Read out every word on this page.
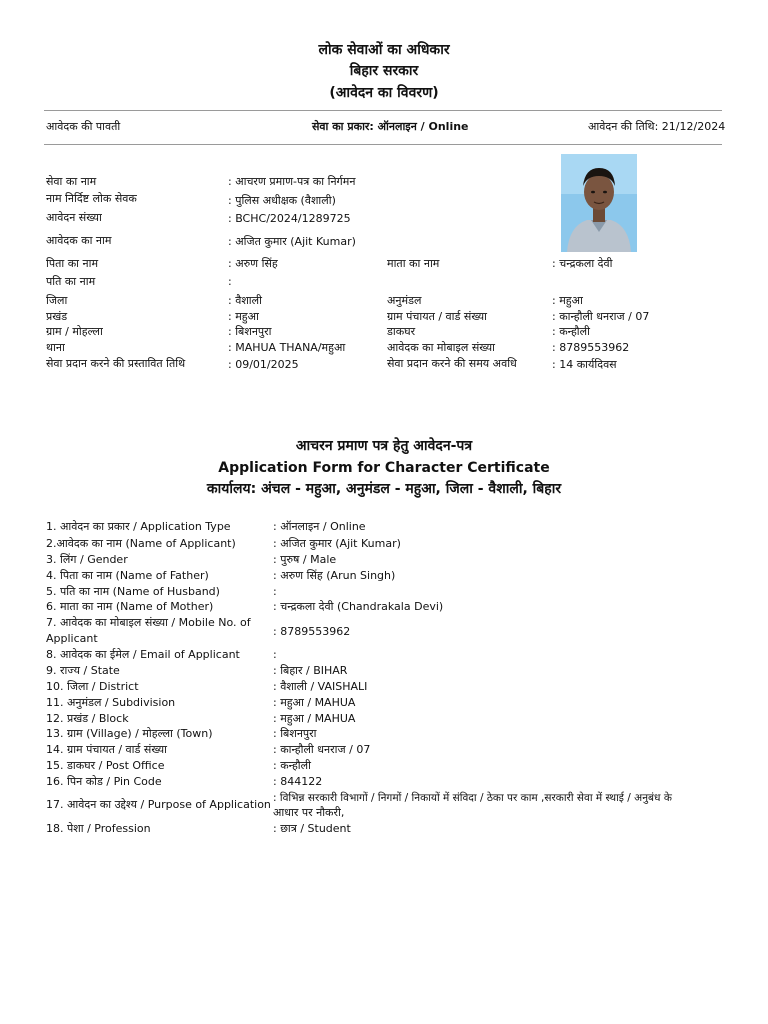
लोक सेवाओं का अधिकार
बिहार सरकार
(आवेदन का विवरण)
आवेदक की पावती	सेवा का प्रकार: ऑनलाइन / Online	आवेदन की तिथि: 21/12/2024
सेवा का नाम	: आचरण प्रमाण-पत्र का निर्गमन
नाम निर्दिष्ट लोक सेवक	: पुलिस अधीक्षक (वैशाली)
आवेदन संख्या	: BCHC/2024/1289725
आवेदक का नाम	: अजित कुमार (Ajit Kumar)
पिता का नाम	: अरुण सिंह
पति का नाम	:
जिला	: वैशाली
प्रखंड	: महुआ
ग्राम / मोहल्ला	: बिशनपुरा
थाना	: MAHUA THANA/महुआ
सेवा प्रदान करने की प्रस्तावित तिथि	: 09/01/2025
माता का नाम	: चन्द्रकला देवी
अनुमंडल	: महुआ
ग्राम पंचायत / वार्ड संख्या	: कान्हौली धनराज / 07
डाकघर	: कन्हौली
आवेदक का मोबाइल संख्या	: 8789553962
सेवा प्रदान करने की समय अवधि	: 14 कार्यदिवस
आचरन प्रमाण पत्र हेतु आवेदन-पत्र
Application Form for Character Certificate
कार्यालय: अंचल - महुआ, अनुमंडल - महुआ, जिला - वैशाली, बिहार
1. आवेदन का प्रकार / Application Type	: ऑनलाइन / Online
2.आवेदक का नाम (Name of Applicant)	: अजित कुमार (Ajit Kumar)
3. लिंग / Gender	: पुरुष / Male
4. पिता का नाम (Name of Father)	: अरुण सिंह (Arun Singh)
5. पति का नाम (Name of Husband)	:
6. माता का नाम (Name of Mother)	: चन्द्रकला देवी (Chandrakala Devi)
7. आवेदक का मोबाइल संख्या / Mobile No. of
Applicant
: 8789553962
8. आवेदक का ईमेल / Email of Applicant	:
9. राज्य / State	: बिहार / BIHAR
10. जिला / District	: वैशाली / VAISHALI
11. अनुमंडल / Subdivision	: महुआ / MAHUA
12. प्रखंड / Block	: महुआ / MAHUA
13. ग्राम (Village) / मोहल्ला (Town)	: बिशनपुरा
14. ग्राम पंचायत / वार्ड संख्या	: कान्हौली धनराज / 07
15. डाकघर / Post Office	: कन्हौली
16. पिन कोड / Pin Code	: 844122
17. आवेदन का उद्देश्य / Purpose of Application : विभिन्न सरकारी विभागों / निगमों / निकायों में संविदा / ठेका पर काम ,सरकारी सेवा में स्थाई / अनुबंध के
आधार पर नौकरी,
18. पेशा / Profession	: छात्र / Student
